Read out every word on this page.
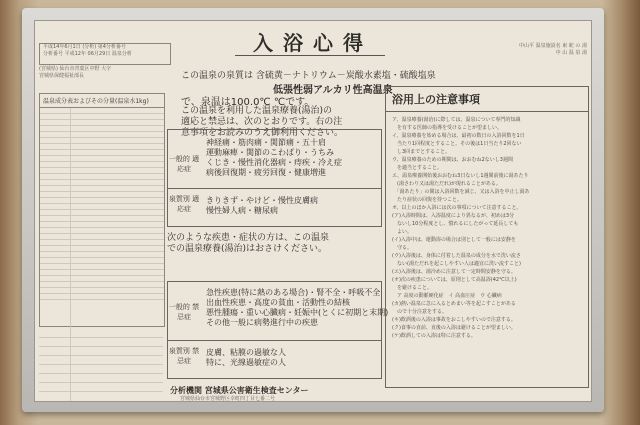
入浴心得
平成14年6月1日 (分析) 第4分析番号
分析番号 平成12年 06月29日 温泉分析
(宮城県) 仙台市青葉区中野 大字
宮城県保健福祉部長
中山平 温泉施設名 東 蛇 の 湯
中 山 温 泉 湯
この温泉の泉質は 含硫黄－ナトリウム－炭酸水素塩・硫酸塩泉
低張性弱アルカリ性高温泉
で、泉温は100.0℃ ℃です。
この温泉を利用した温泉療養(湯治)の
適応と禁忌は、次のとおりです。右の注
意事項をお読みのうえ御利用ください。
温泉成分表およびその分量(温泉水1kg)
一般的 適応症
神経痛・筋肉痛・関節痛・五十肩
運動麻痺・関節のこわばり・うちみ
くじき・慢性消化器病・痔疾・冷え症
病後回復期・疲労回復・健康増進
泉質別 適応症
きりきず・やけど・慢性皮膚病
慢性婦人病・糖尿病
次のような疾患・症状の方は、この温泉
での温泉療養(湯治)はおさけください。
一般的 禁忌症
急性疾患(特に熱のある場合)・腎不全・呼吸不全
出血性疾患・高度の貧血・活動性の結核
悪性腫瘍・重い心臓病・妊娠中(とくに初期と末期)
その他一般に病勢進行中の疾患
泉質別 禁忌症
皮膚、粘膜の過敏な人
特に、光線過敏症の人
分析機関 宮城県公害衛生検査センター
宮城県仙台市宮城野区幸町四丁目七番二号
浴用上の注意事項
ア、温泉療養(湯治)に際しては、温泉について専門的知識
　を有する医師の指導を受けることが望ましい。
イ、温泉療養を始める場合は、最初の数日の入浴回数を1日
　当たり1回程度とすること。その後は1日当たり2回ない
　し3回までとすること。
ウ、温泉療養のための期間は、おおむね2ないし3週間
　を適当とすること。
エ、温泉療養開始後おおむね3日ないし1週間前後に湯あたり
　(湯さわり又は湯ただれ)が現れることがある。
　「湯あたり」の間は入浴回数を減じ、又は入浴を中止し湯あ
　たり症状の回復を待つこと。
オ、以上のほか入浴には次の事項について注意すること。
(ア)入浴時間は、入浴温度により異なるが、初めは3分
　ないし10分程度とし、慣れるにしたがって延長しても
　よい。
(イ)入浴中は、運動浴の場合は別として一般には安静を
　守る。
(ウ)入浴後は、身体に付着した温泉の成分を水で洗い流さ
　ない(湯ただれを起こしやすい人は適宜に洗い流すこと)
(エ)入浴後は、湯冷めに注意して一定時間安静を守る。
(オ)次の疾患については、原則として高温浴(42℃以上)
　を避けること。
　ア 高度の動脈硬化症　イ 高血圧症　ウ 心臓病
(カ)熱い温泉に急に入るとめまい等を起こすことがある
　ので十分注意をする。
(キ)飲酒後の入浴は事故をおこしやすいので注意する。
(ク)食事の直前、直後の入浴は避けることが望ましい。
(ケ)飲酒しての入浴は特に注意する。
